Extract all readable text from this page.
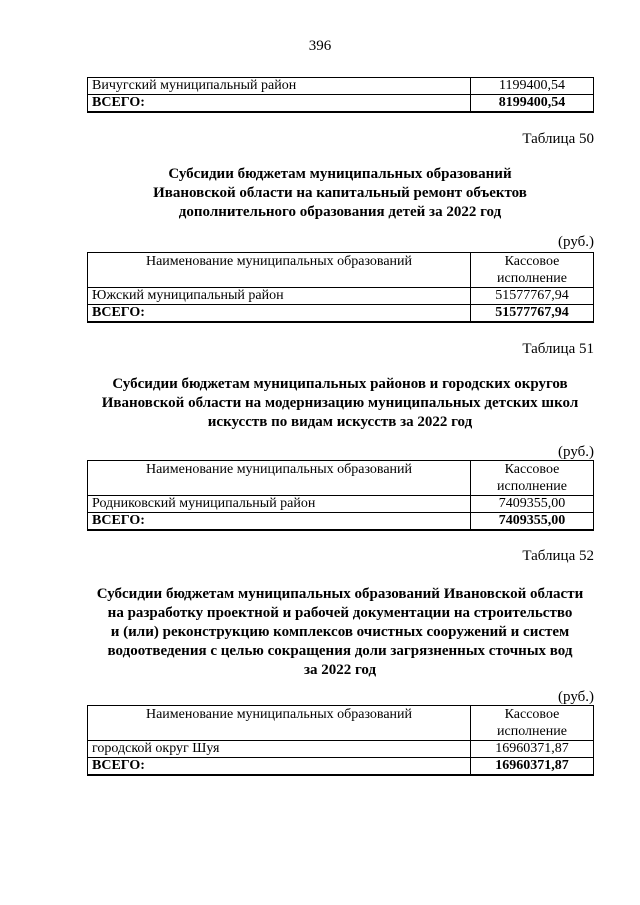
396
Вичугский муниципальный район	1199400,54
ВСЕГО:	8199400,54
Таблица 50
Субсидии бюджетам муниципальных образований
Ивановской области на капитальный ремонт объектов
дополнительного образования детей за 2022 год
(руб.)
Наименование муниципальных образований	Кассовое
исполнение

Южский муниципальный район	51577767,94
ВСЕГО:	51577767,94
Таблица 51
Субсидии бюджетам муниципальных районов и городских округов
Ивановской области на модернизацию муниципальных детских школ
искусств по видам искусств за 2022 год
(руб.)
Наименование муниципальных образований	Кассовое
исполнение

Родниковский муниципальный район	7409355,00
ВСЕГО:	7409355,00
Таблица 52
Субсидии бюджетам муниципальных образований Ивановской области
на разработку проектной и рабочей документации на строительство
и (или) реконструкцию комплексов очистных сооружений и систем
водоотведения с целью сокращения доли загрязненных сточных вод
за 2022 год
(руб.)
Наименование муниципальных образований	Кассовое
исполнение

городской округ Шуя	16960371,87
ВСЕГО:	16960371,87
